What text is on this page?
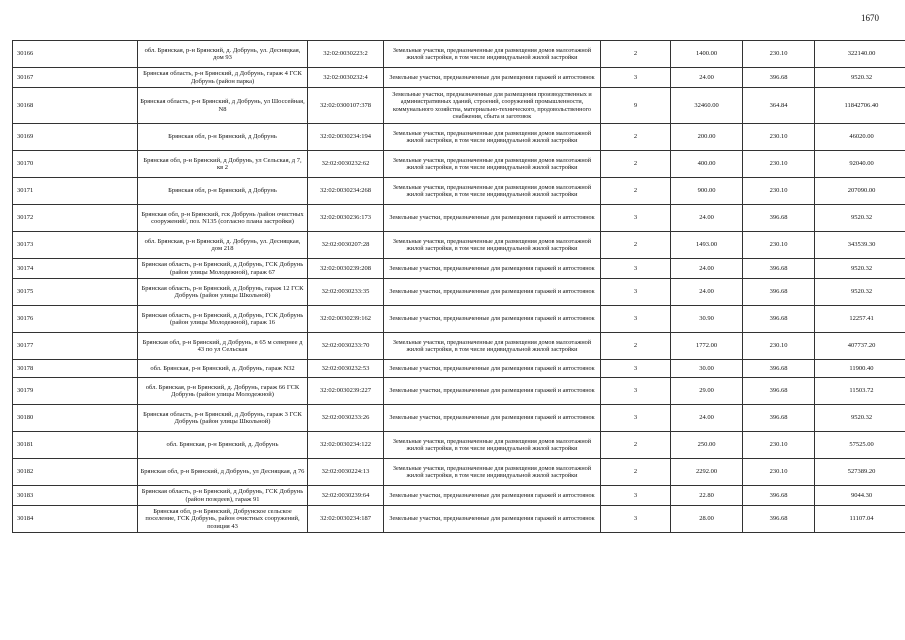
1670
30166	обл. Брянская, р-н Брянский, д. Добрунь, ул. Десняцкая, дом 93	32:02:0030223:2	Земельные участки, предназначенные для размещения домов малоэтажной жилой застройки, в том числе индивидуальной жилой застройки	2	1400.00	230.10	322140.00
30167	Брянская область, р-н Брянский, д Добрунь, гараж 4 ГСК Добрунь (район парка)	32:02:0030232:4	Земельные участки, предназначенные для размещения гаражей и автостоянок	3	24.00	396.68	9520.32
30168	Брянская область, р-н Брянский, д Добрунь, ул Шоссейная, N8	32:02:0300107:378	Земельные участки, предназначенные для размещения производственных и административных зданий, строений, сооружений промышленности, коммунального хозяйства, материально-технического, продовольственного снабжения, сбыта и заготовок	9	32460.00	364.84	11842706.40
30169	Брянская обл, р-н Брянский, д Добрунь	32:02:0030234:194	Земельные участки, предназначенные для размещения домов малоэтажной жилой застройки, в том числе индивидуальной жилой застройки	2	200.00	230.10	46020.00
30170	Брянская обл, р-н Брянский, д Добрунь, ул Сельская, д 7, кв 2	32:02:0030232:62	Земельные участки, предназначенные для размещения домов малоэтажной жилой застройки, в том числе индивидуальной жилой застройки	2	400.00	230.10	92040.00
30171	Брянская обл, р-н Брянский, д Добрунь	32:02:0030234:268	Земельные участки, предназначенные для размещения домов малоэтажной жилой застройки, в том числе индивидуальной жилой застройки	2	900.00	230.10	207090.00
30172	Брянская обл, р-н Брянский, гск Добрунь /район очистных сооружений/, поз. N135 (согласно плана застройки)	32:02:0030236:173	Земельные участки, предназначенные для размещения гаражей и автостоянок	3	24.00	396.68	9520.32
30173	обл. Брянская, р-н Брянский, д. Добрунь, ул. Десняцкая, дом 218	32:02:0030207:28	Земельные участки, предназначенные для размещения домов малоэтажной жилой застройки, в том числе индивидуальной жилой застройки	2	1493.00	230.10	343539.30
30174	Брянская область, р-н Брянский, д Добрунь, ГСК Добрунь (район улицы Молодежной), гараж 67	32:02:0030239:208	Земельные участки, предназначенные для размещения гаражей и автостоянок	3	24.00	396.68	9520.32
30175	Брянская область, р-н Брянский, д Добрунь, гараж 12 ГСК Добрунь (район улицы Школьной)	32:02:0030233:35	Земельные участки, предназначенные для размещения гаражей и автостоянок	3	24.00	396.68	9520.32
30176	Брянская область, р-н Брянский, д Добрунь, ГСК Добрунь (район улицы Молодежной), гараж 16	32:02:0030239:162	Земельные участки, предназначенные для размещения гаражей и автостоянок	3	30.90	396.68	12257.41
30177	Брянская обл, р-н Брянский, д Добрунь, в 65 м севернее д 43 по ул Сельская	32:02:0030233:70	Земельные участки, предназначенные для размещения домов малоэтажной жилой застройки, в том числе индивидуальной жилой застройки	2	1772.00	230.10	407737.20
30178	обл. Брянская, р-н Брянский, д. Добрунь, гараж N32	32:02:0030232:53	Земельные участки, предназначенные для размещения гаражей и автостоянок	3	30.00	396.68	11900.40
30179	обл. Брянская, р-н Брянский, д. Добрунь, гараж 66 ГСК Добрунь (район улицы Молодежной)	32:02:0030239:227	Земельные участки, предназначенные для размещения гаражей и автостоянок	3	29.00	396.68	11503.72
30180	Брянская область, р-н Брянский, д Добрунь, гараж 3 ГСК Добрунь (район улицы Школьной)	32:02:0030233:26	Земельные участки, предназначенные для размещения гаражей и автостоянок	3	24.00	396.68	9520.32
30181	обл. Брянская, р-н Брянский, д. Добрунь	32:02:0030234:122	Земельные участки, предназначенные для размещения домов малоэтажной жилой застройки, в том числе индивидуальной жилой застройки	2	250.00	230.10	57525.00
30182	Брянская обл, р-н Брянский, д Добрунь, ул Десняцкая, д 76	32:02:0030224:13	Земельные участки, предназначенные для размещения домов малоэтажной жилой застройки, в том числе индивидуальной жилой застройки	2	2292.00	230.10	527389.20
30183	Брянская область, р-н Брянский, д Добрунь, ГСК Добрунь (район позедеев), гараж 91	32:02:0030239:64	Земельные участки, предназначенные для размещения гаражей и автостоянок	3	22.80	396.68	9044.30
30184	Брянская обл, р-н Брянский, Добрунское сельское поселение, ГСК Добрунь, район очистных сооружений, позиция 43	32:02:0030234:187	Земельные участки, предназначенные для размещения гаражей и автостоянок	3	28.00	396.68	11107.04
